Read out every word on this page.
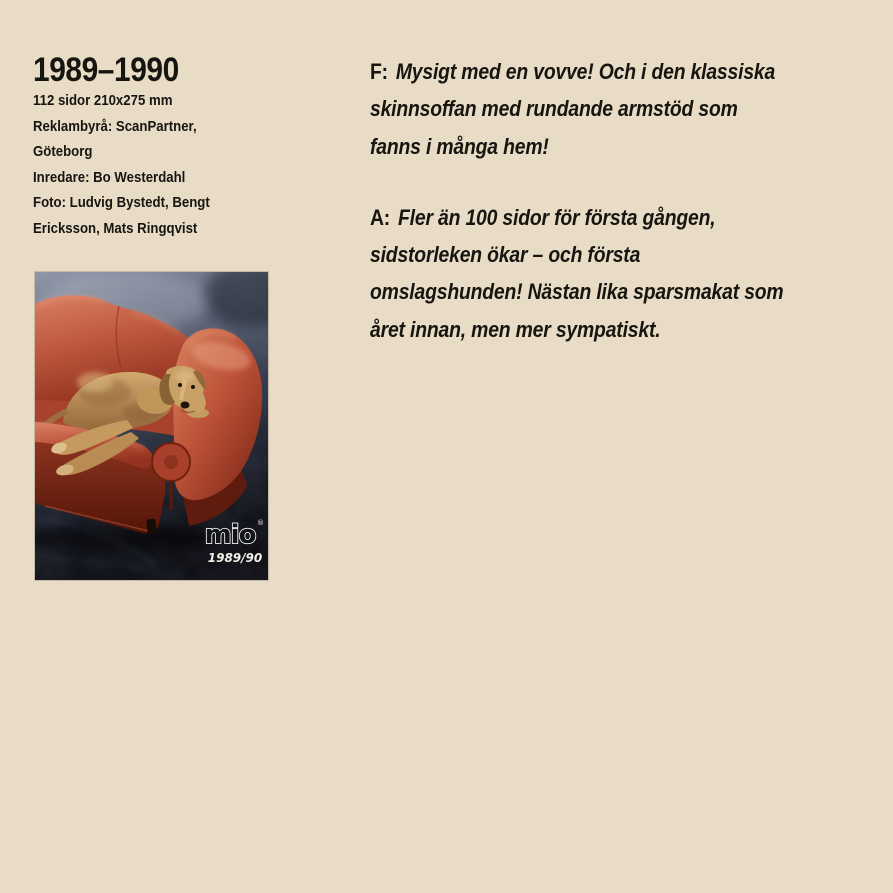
1989–1990
112 sidor 210x275 mm
Reklambyrå: ScanPartner,
Göteborg
Inredare: Bo Westerdahl
Foto: Ludvig Bystedt, Bengt
Ericksson, Mats Ringqvist
mio ®
1989/90

F: Mysigt med en vovve! Och i den klassiska
skinnsoffan med rundande armstöd som
fanns i många hem!

A: Fler än 100 sidor för första gången,
sidstorleken ökar – och första
omslagshunden! Nästan lika sparsmakat som
året innan, men mer sympatiskt.
